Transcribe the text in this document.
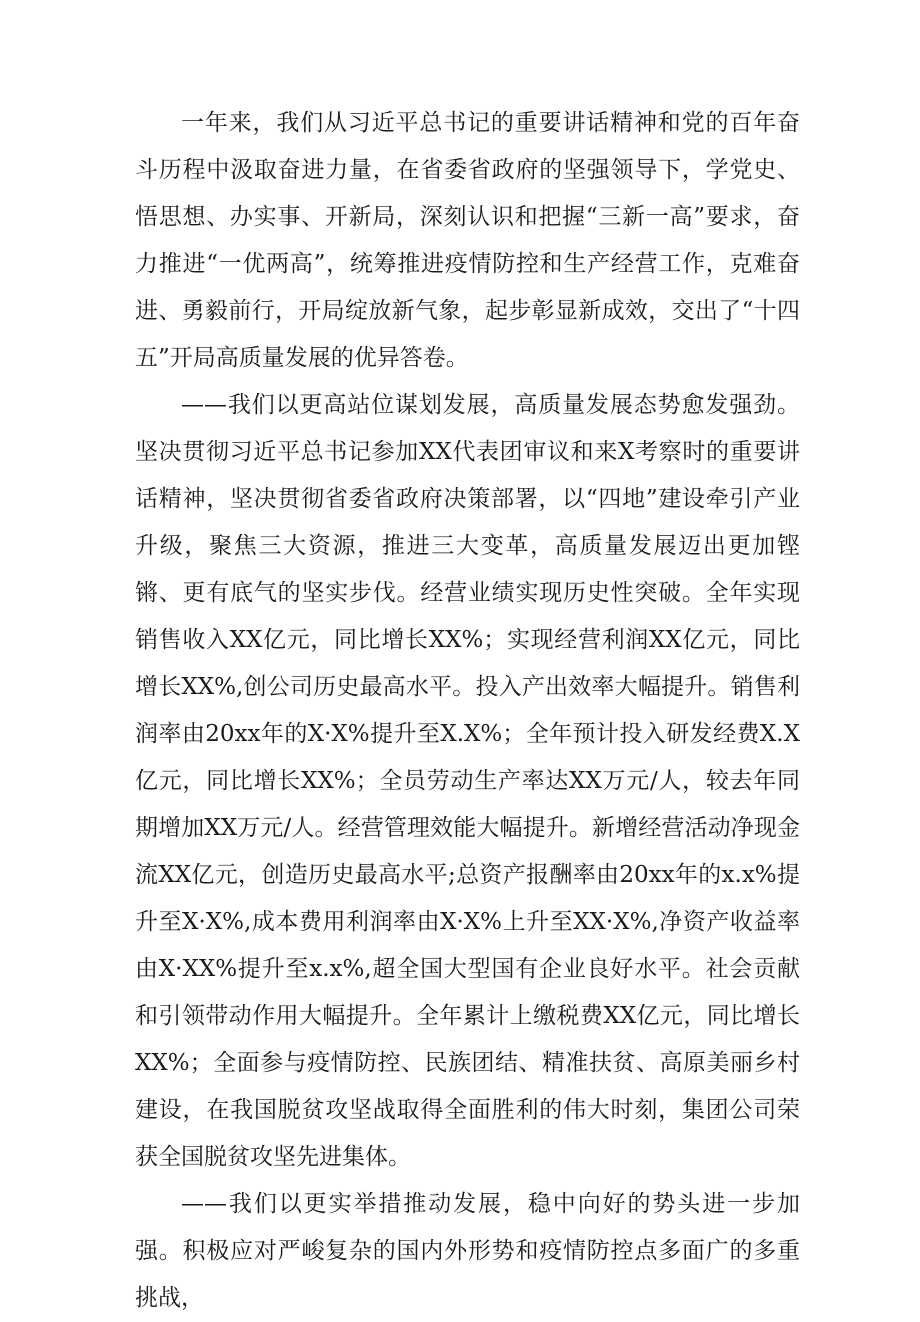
一年来，我们从习近平总书记的重要讲话精神和党的百年奋斗历程中汲取奋进力量，在省委省政府的坚强领导下，学党史、悟思想、办实事、开新局，深刻认识和把握“三新一高”要求，奋力推进“一优两高”，统筹推进疫情防控和生产经营工作，克难奋进、勇毅前行，开局绽放新气象，起步彰显新成效，交出了“十四五”开局高质量发展的优异答卷。

——我们以更高站位谋划发展，高质量发展态势愈发强劲。坚决贯彻习近平总书记参加XX代表团审议和来X考察时的重要讲话精神，坚决贯彻省委省政府决策部署，以“四地”建设牵引产业升级，聚焦三大资源，推进三大变革，高质量发展迈出更加铿锵、更有底气的坚实步伐。经营业绩实现历史性突破。全年实现销售收入XX亿元，同比增长XX%；实现经营利润XX亿元，同比增长XX%,创公司历史最高水平。投入产出效率大幅提升。销售利润率由20xx年的X·X%提升至X.X%；全年预计投入研发经费X.X亿元，同比增长XX%；全员劳动生产率达XX万元/人，较去年同期增加XX万元/人。经营管理效能大幅提升。新增经营活动净现金流XX亿元，创造历史最高水平;总资产报酬率由20xx年的x.x%提升至X·X%,成本费用利润率由X·X%上升至XX·X%,净资产收益率由X·XX%提升至x.x%,超全国大型国有企业良好水平。社会贡献和引领带动作用大幅提升。全年累计上缴税费XX亿元，同比增长XX%；全面参与疫情防控、民族团结、精准扶贫、高原美丽乡村建设，在我国脱贫攻坚战取得全面胜利的伟大时刻，集团公司荣获全国脱贫攻坚先进集体。

——我们以更实举措推动发展，稳中向好的势头进一步加强。积极应对严峻复杂的国内外形势和疫情防控点多面广的多重挑战，
